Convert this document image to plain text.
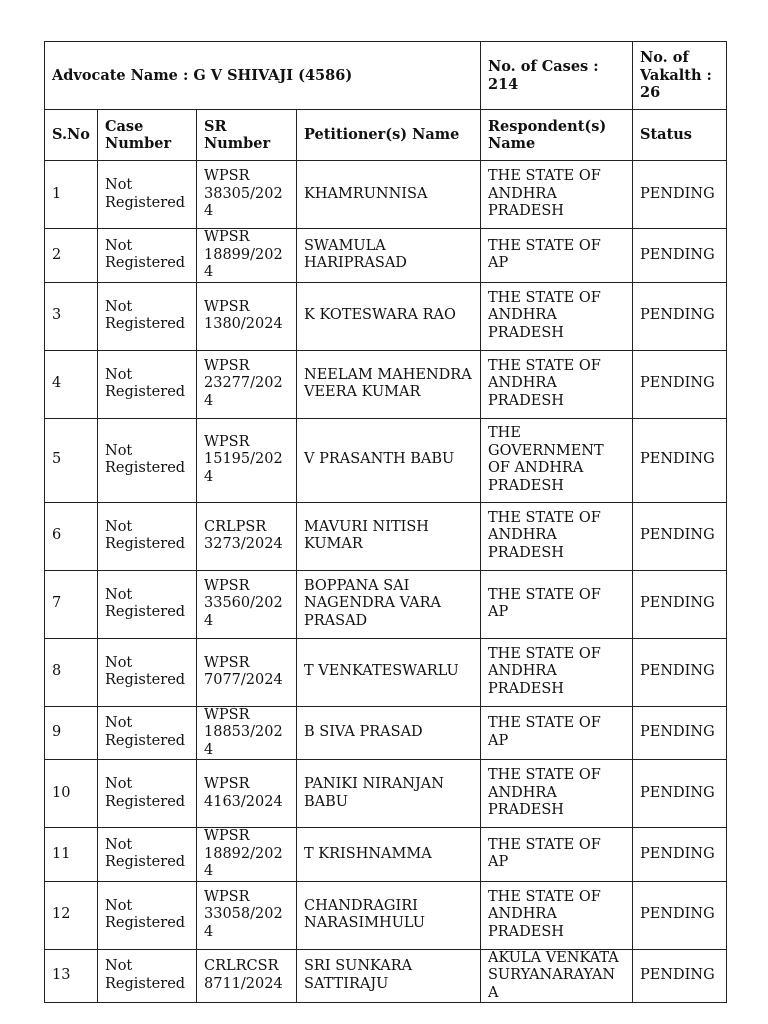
Advocate Name : G V SHIVAJI (4586)				No. of Cases : 214	No. of Vakalth : 26
S.No	Case Number	SR Number	Petitioner(s) Name	Respondent(s) Name	Status
1	Not Registered	WPSR 38305/2024	KHAMRUNNISA	THE STATE OF ANDHRA PRADESH	PENDING
2	Not Registered	WPSR 18899/2024	SWAMULA HARIPRASAD	THE STATE OF AP	PENDING
3	Not Registered	WPSR 1380/2024	K KOTESWARA RAO	THE STATE OF ANDHRA PRADESH	PENDING
4	Not Registered	WPSR 23277/2024	NEELAM MAHENDRA VEERA KUMAR	THE STATE OF ANDHRA PRADESH	PENDING
5	Not Registered	WPSR 15195/2024	V PRASANTH BABU	THE GOVERNMENT OF ANDHRA PRADESH	PENDING
6	Not Registered	CRLPSR 3273/2024	MAVURI NITISH KUMAR	THE STATE OF ANDHRA PRADESH	PENDING
7	Not Registered	WPSR 33560/2024	BOPPANA SAI NAGENDRA VARA PRASAD	THE STATE OF AP	PENDING
8	Not Registered	WPSR 7077/2024	T VENKATESWARLU	THE STATE OF ANDHRA PRADESH	PENDING
9	Not Registered	WPSR 18853/2024	B SIVA PRASAD	THE STATE OF AP	PENDING
10	Not Registered	WPSR 4163/2024	PANIKI NIRANJAN BABU	THE STATE OF ANDHRA PRADESH	PENDING
11	Not Registered	WPSR 18892/2024	T KRISHNAMMA	THE STATE OF AP	PENDING
12	Not Registered	WPSR 33058/2024	CHANDRAGIRI NARASIMHULU	THE STATE OF ANDHRA PRADESH	PENDING
13	Not Registered	CRLRCSR 8711/2024	SRI SUNKARA SATTIRAJU	AKULA VENKATA SURYANARAYANA	PENDING
